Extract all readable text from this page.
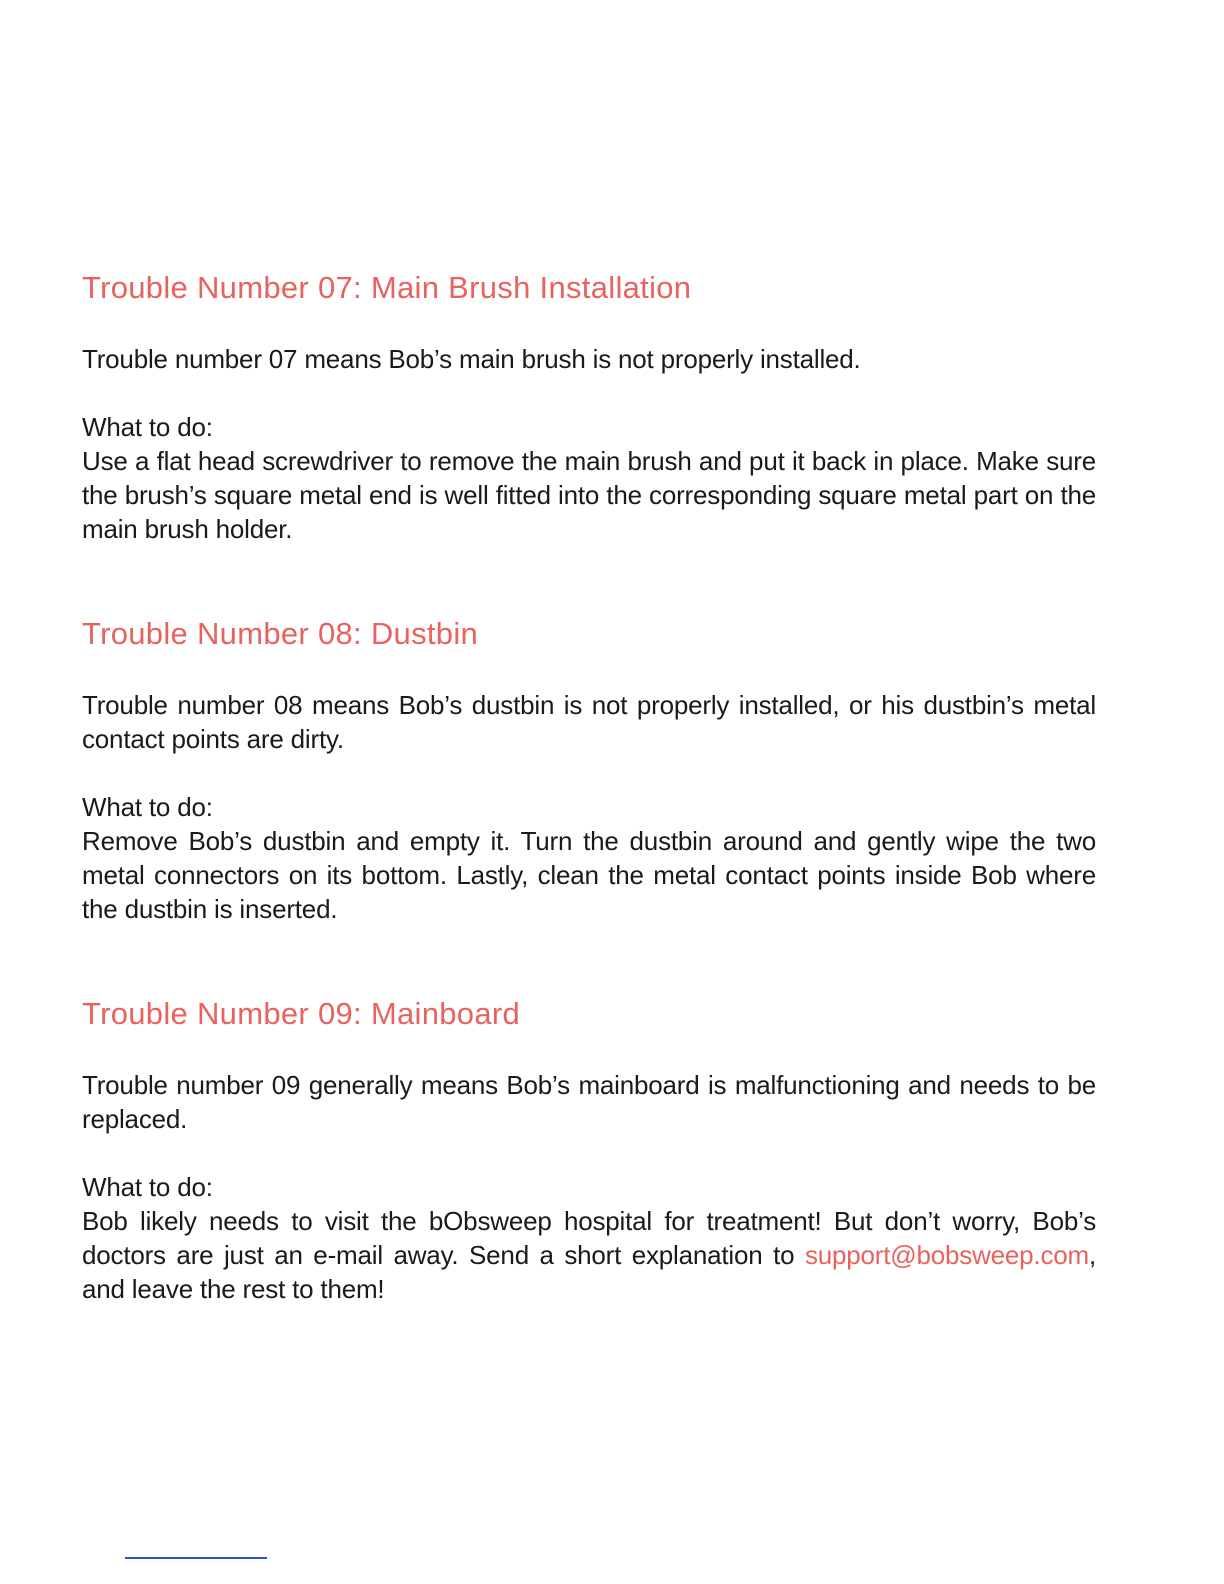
Trouble Number 07: Main Brush Installation

Trouble number 07 means Bob’s main brush is not properly installed.

What to do:

Use a flat head screwdriver to remove the main brush and put it back in place. Make sure the brush’s square metal end is well fitted into the corresponding square metal part on the main brush holder.

Trouble Number 08: Dustbin

Trouble number 08 means Bob’s dustbin is not properly installed, or his dustbin’s metal contact points are dirty.

What to do:

Remove Bob’s dustbin and empty it. Turn the dustbin around and gently wipe the two metal connectors on its bottom. Lastly, clean the metal contact points inside Bob where the dustbin is inserted.

Trouble Number 09: Mainboard

Trouble number 09 generally means Bob’s mainboard is malfunctioning and needs to be replaced.

What to do:

Bob likely needs to visit the bObsweep hospital for treatment! But don’t worry, Bob’s doctors are just an e-mail away. Send a short explanation to support@bobsweep.com, and leave the rest to them!
